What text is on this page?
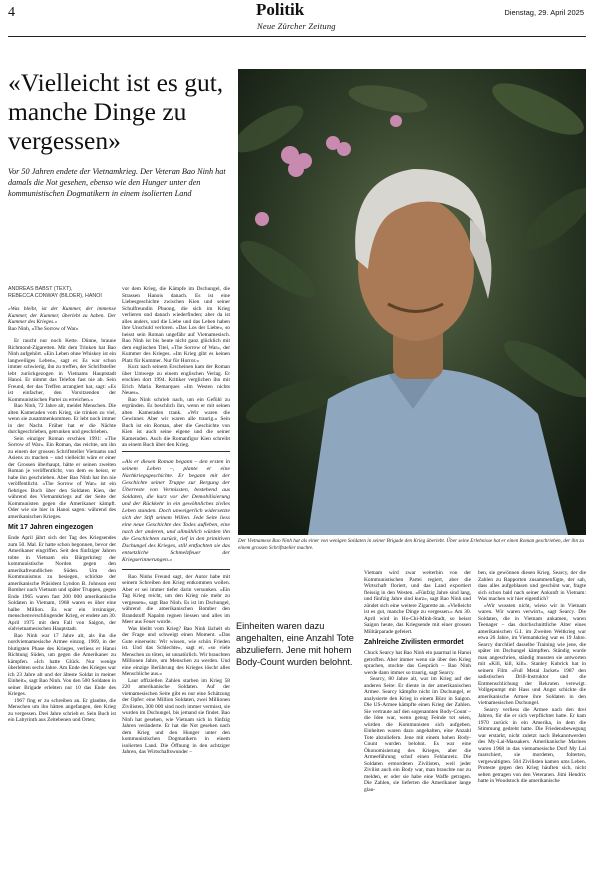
4	Politik
Neue Zürcher Zeitung
Dienstag, 29. April 2025
«Vielleicht ist es gut, manche Dinge zu vergessen»
Vor 50 Jahren endete der Vietnamkrieg. Der Veteran Bao Ninh hat damals die Not gesehen, ebenso wie den Hunger unter den kommunistischen Dogmatikern in einem isolierten Land
ANDREAS BABST (TEXT),
REBECCA CONWAY (BILDER), HANOI

«Was bleibt, ist der Kummer, der immense Kummer, der Kummer, überlebt zu haben. Der Kummer des Krieges.»

Bao Ninh, «The Sorrow of War»

Er raucht nur noch Kette. Dünne, braune Richmond-Zigaretten. Mit dem Trinken hat Bao Ninh aufgehört. «Ein Leben ohne Whiskey ist ein langweiliges Leben», sagt er. Es war schon immer schwierig, ihn zu treffen, der Schriftsteller lebt zurückgezogen in Vietnams Hauptstadt Hanoi. Er nimmt das Telefon fast nie ab. Sein Freund, der das Treffen arrangiert hat, sagt: «Es ist einfacher, den Vorsitzenden der Kommunistischen Partei zu erreichen.»

Bao Ninh, 72 Jahre alt, meidet Menschen. Die alten Kameraden vom Krieg, sie trinken zu viel, wenn sie zusammenkommen. Er lebt noch immer in der Nacht. Früher hat er die Nächte durchgeschrieben, getrunken und geschrieben.

Sein einziger Roman erschien 1991: «The Sorrow of War». Ein Roman, das reichte, um ihn zu einem der grossen Schriftsteller Vietnams und Asiens zu machen – und vielleicht wäre er einer der Grossen überhaupt, hätte er seinen zweiten Roman je veröffentlicht, von dem es heisst, er habe ihn geschrieben. Aber Bao Ninh hat ihn nie veröffentlicht. «The Sorrow of War» ist ein fiebriges Buch über den Soldaten Kien, der während des Vietnamkriegs auf der Seite der Kommunisten gegen die Amerikaner kämpft. Oder wie sie hier in Hanoi sagen: während des amerikanischen Krieges.

Mit 17 Jahren eingezogen

Ende April jährt sich der Tag des Kriegsendes zum 50. Mal. Er hatte schon begonnen, bevor der Amerikaner eingriffen. Seit den fünfziger Jahren tobte in Vietnam ein Bürgerkrieg: der kommunistische Norden gegen den amerikafreundlichen Süden. Um den Kommunismus zu besiegen, schickte der amerikanische Präsident Lyndon B. Johnson erst Bomber nach Vietnam und später Truppen, gegen Ende 1965 waren fast 200 000 amerikanische Soldaten in Vietnam, 1968 waren es über eine halbe Million. Es war ein irrsinniger, menschenverschlingender Krieg, er endete am 30. April 1975 mit dem Fall von Saigon, der südvietnamesischen Hauptstadt.

Bao Ninh war 17 Jahre alt, als ihn die nordvietnamesische Armee einzog. 1969, in der blutigsten Phase des Krieges, verliess er Hanoi Richtung Süden, um gegen die Amerikaner zu kämpfen. «Ich hatte Glück. Nur wenige überlebten sechs Jahre. Am Ende des Krieges war ich 23 Jahre alt und der älteste Soldat in meiner Einheit», sagt Bao Ninh. Von den 500 Soldaten in seiner Brigade erlebten nur 10 das Ende des Krieges.

1967 fing er zu schreiben an. Er glaubte, die Menschen um ihn hätten angefangen, den Krieg zu vergessen. Drei Jahre schrieb er. Sein Buch ist ein Labyrinth aus Zeitebenen und Orten;

vor dem Krieg, die Kämpfe im Dschungel, die Strassen Hanois danach. Es ist eine Liebesgeschichte zwischen Kien und seiner Schulfreundin Phuong, die sich im Krieg verlieren und danach wiederfinden; aber da ist alles anders, und die Liebe und das Leben haben ihre Unschuld verloren. «Das Los der Liebe», so heisst sein Roman ungefähr auf Vietnamesisch. Bao Ninh ist bis heute nicht ganz glücklich mit dem englischen Titel, «The Sorrow of War», der Kummer des Krieges. «Im Krieg gibt es keinen Platz für Kummer. Nur für Horror.»

Kurz nach seinem Erscheinen kam der Roman über Umwege zu einem englischen Verlag. Er erschien dort 1994. Kritiker verglichen ihn mit Erich Maria Remarques «Im Westen nichts Neues».

Bao Ninh schrieb nach, um ein Gefühl zu ergründen. Es beschlich ihn, wenn er mit seinen alten Kameraden trank. «Wir waren die Gewinner. Aber wir waren alle traurig.» Sein Buch ist ein Roman, aber die Geschichte von Kien ist auch seine eigene und die seiner Kameraden. Auch die Romanfigur Kien schreibt an einem Buch über den Krieg.

«Als er diesen Roman begann – den ersten in seinem Leben –, plante er eine Nachkriegsgeschichte. Er begann mit der Geschichte seiner Truppe zur Bergung der Überreste von Vermissten, bestehend aus Soldaten, die kurz vor der Demobilisierung und der Rückkehr in ein gewöhnliches ziviles Leben standen. Doch unweigerlich widersetzte sich der Stift seinem Willen. Jede Seite liess eine neue Geschichte des Todes aufleben, eine nach der anderen, und allmählich würden ihn die Geschichten zurück, tief in den primitiven Dschungel des Krieges, still entfachten sie das entsetzliche Schmelzfeuer der Kriegserinnerungen.»

Bao Ninhs Freund sagt, der Autor habe mit seinem Schreiben den Krieg entkommen wollen. Aber er sei immer tiefer darin versunken. «Ein Tag Krieg reicht, um den Krieg nie mehr zu vergessen», sagt Bao Ninh. Es ist im Dschungel, während die amerikanischen Bomber den Brandstoff Napalm regnen liessen und alles im Meer aus Feuer wurde.

Was bleibt vom Krieg? Bao Ninh lächelt ob der Frage und schweigt einen Moment. «Das Gute einerseits: Wir wissen, wie schön Frieden ist. Und das Schlechte», sagt er, «so viele Menschen zu töten, ist unnatürlich. Wir brauchten Millionen Jahre, um Menschen zu werden. Und eine einzige Berührung des Krieges löscht alles Menschliche aus.»

Laut offiziellen Zahlen starben im Krieg 58 220 amerikanische Soldaten. Auf der vietnamesischen Seite gibt es nur eine Schätzung der Opfer: eine Million Soldaten, zwei Millionen Zivilisten, 300 000 sind noch immer vermisst, sie wurden im Dschungel, bis jemand sie findet. Bao Ninh hat gesehen, wie Vietnam sich in fünfzig Jahren veränderte. Er hat die Not gesehen nach dem Krieg und den Hunger unter den kommunistischen Dogmatikern in einem isolierten Land. Die Öffnung in den achtziger Jahren, das Wirtschaftswunder –

Der Vietnamese Bao Ninh hat als einer von wenigen Soldaten in seiner Brigade den Krieg überlebt. Über seine Erlebnisse hat er einen Roman geschrieben, der ihn zu einem grossen Schriftsteller machte.
Einheiten waren dazu angehalten, eine Anzahl Tote abzuliefern. Jene mit hohem Body-Count wurden belohnt.

Vietnam wird zwar weiterhin von der Kommunistischen Partei regiert, aber die Wirtschaft floriert, und das Land exportiert fleissig in den Westen. «Fünfzig Jahre sind lang, und fünfzig Jahre sind kurz», sagt Bao Ninh und zündet sich eine weitere Zigarette an. «Vielleicht ist es gut, manche Dinge zu vergessen.» Am 30. April wird in Ho-Chi-Minh-Stadt, so heisst Saigon heute, das Kriegsende mit einer grossen Militärparade gefeiert.

Zahlreiche Zivilisten ermordet

Chuck Searcy hat Bao Ninh ein paarmal in Hanoi getroffen. Aber immer wenn sie über den Krieg sprachen, stockte das Gespräch – Bao Ninh werde dann immer so traurig, sagt Searcy.

Searcy, 80 Jahre alt, war im Krieg auf der anderen Seite: Er diente in der amerikanischen Armee. Searcy kämpfte nicht im Dschungel, er analysierte den Krieg in einem Büro in Saigon. Die US-Armee kämpfte einen Krieg der Zahlen. Sie vertraute auf den sogenannten Body-Count – die Idee war, wenn genug Feinde tot seien, würden die Kommunisten sich aufgeben. Einheiten waren dazu angehalten, eine Anzahl Tote abzuliefern. Jene mit einem hohen Body-Count wurden belohnt. Es war eine Ökonomisierung des Krieges, aber die Armeeführung schuf einen Fehlanreiz. Die Soldaten ermordeten Zivilisten, weil jeder Zivilist auch ein Body war, man brauchte nur zu melden, er oder sie habe eine Waffe getragen. Die Zahlen, sie lieferten die Amerikaner lange glau-

ben, sie gewönnen diesen Krieg. Searcy, der die Zahlen zu Rapporten zusammenfügte, der sah, dass alles aufgeblasen und geschönt war, fragte sich schon bald nach seiner Ankunft in Vietnam: Was machen wir hier eigentlich?

«Wir wussten nicht, wieso wir in Vietnam waren. Wir waren verwirrt», sagt Searcy. Die Soldaten, die in Vietnam ankamen, waren Teenager – das durchschnittliche Alter eines amerikanischen G.I. im Zweiten Weltkrieg war etwa 26 Jahre, im Vietnamkrieg war es 19 Jahre. Searcy durchlief dasselbe Training wie jene, die später im Dschungel kämpften. Ständig wurde man angeschrien, ständig mussten sie antworten mit «Kill, kill, kill». Stanley Kubrick hat in seinem Film «Full Metal Jacket» 1987 den sadistischen Drill-Instruktor und die Entmenschlichung der Rekruten verewigt. Vollgepumpt mit Hass und Angst schickte die amerikanische Armee ihre Soldaten in den vietnamesischen Dschungel.

Searcy verliess die Armee nach den drei Jahren, für die er sich verpflichtet hatte. Er kam 1970 zurück in ein Amerika, in dem die Stimmung gedreht hatte. Die Friedensbewegung war erstarkt, nicht zuletzt nach Bekanntwerden des My-Lai-Massakers. Amerikanische Marines waren 1968 in das vietnamesische Dorf My Lai marschiert, sie mordeten, folterten, vergewaltigten. 504 Zivilisten kamen ums Leben. Proteste gegen den Krieg häuften sich, nicht selten getragen von den Veteranen. Jimi Hendrix hatte in Woodstock die amerikanische
